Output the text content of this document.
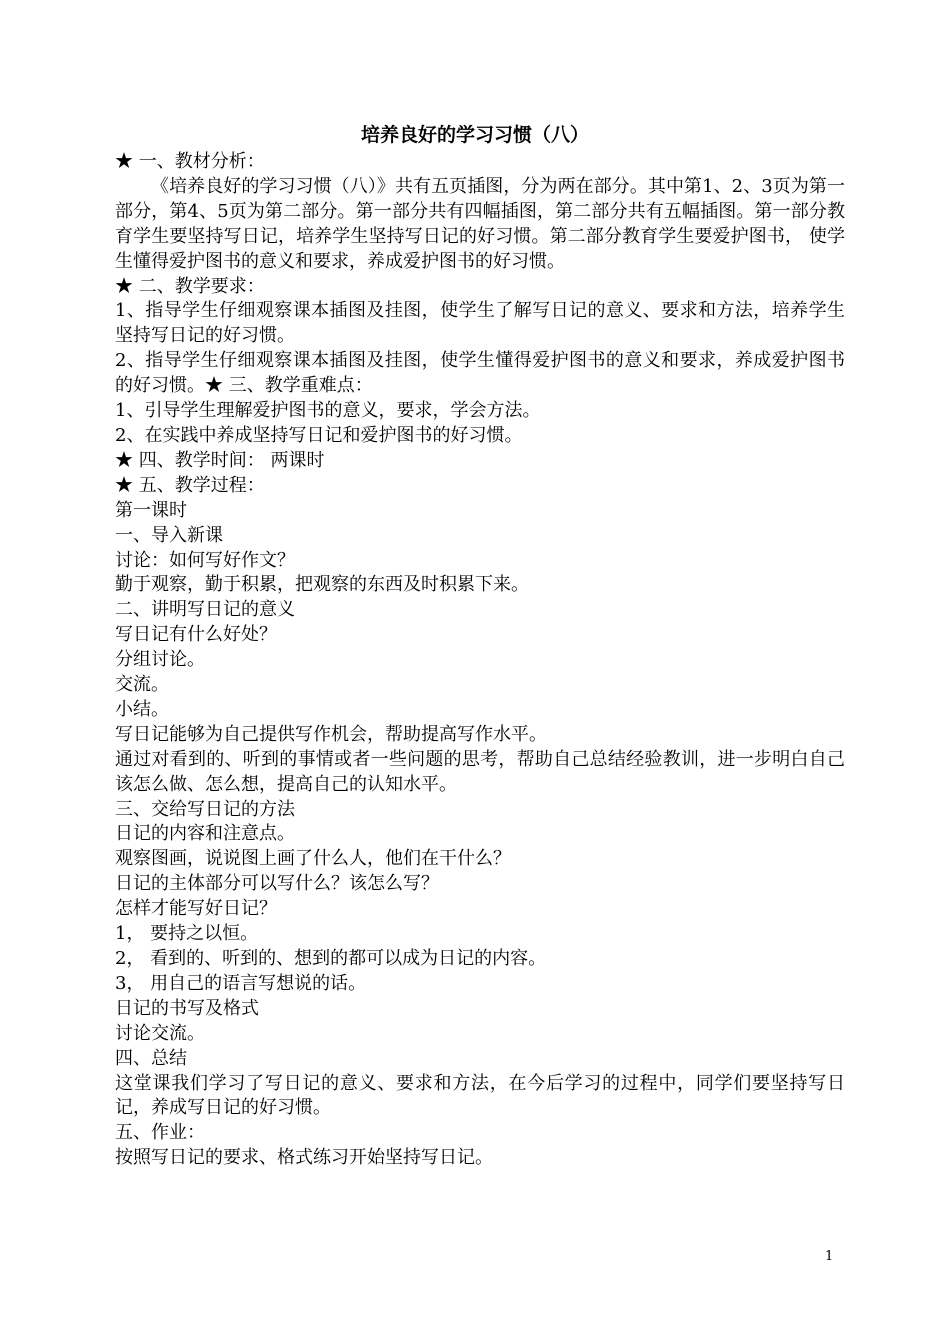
培养良好的学习习惯（八）

★ 一、教材分析：

《培养良好的学习习惯（八）》共有五页插图，分为两在部分。其中第1、2、3页为第一部分，第4、5页为第二部分。第一部分共有四幅插图，第二部分共有五幅插图。第一部分教育学生要坚持写日记，培养学生坚持写日记的好习惯。第二部分教育学生要爱护图书， 使学生懂得爱护图书的意义和要求，养成爱护图书的好习惯。

★ 二、教学要求：

1、指导学生仔细观察课本插图及挂图，使学生了解写日记的意义、要求和方法，培养学生坚持写日记的好习惯。

2、指导学生仔细观察课本插图及挂图，使学生懂得爱护图书的意义和要求，养成爱护图书的好习惯。★ 三、教学重难点：

1、引导学生理解爱护图书的意义，要求，学会方法。

2、在实践中养成坚持写日记和爱护图书的好习惯。

★ 四、教学时间： 两课时

★ 五、教学过程：

第一课时

一、导入新课

讨论：如何写好作文？

勤于观察，勤于积累，把观察的东西及时积累下来。

二、讲明写日记的意义

写日记有什么好处？

分组讨论。

交流。

小结。

写日记能够为自己提供写作机会，帮助提高写作水平。

通过对看到的、听到的事情或者一些问题的思考，帮助自己总结经验教训，进一步明白自己该怎么做、怎么想，提高自己的认知水平。

三、交给写日记的方法

日记的内容和注意点。

观察图画，说说图上画了什么人，他们在干什么？

日记的主体部分可以写什么？该怎么写？

怎样才能写好日记？

1， 要持之以恒。

2， 看到的、听到的、想到的都可以成为日记的内容。

3， 用自己的语言写想说的话。

日记的书写及格式

讨论交流。

四、总结

这堂课我们学习了写日记的意义、要求和方法，在今后学习的过程中，同学们要坚持写日记，养成写日记的好习惯。

五、作业：

按照写日记的要求、格式练习开始坚持写日记。

1
